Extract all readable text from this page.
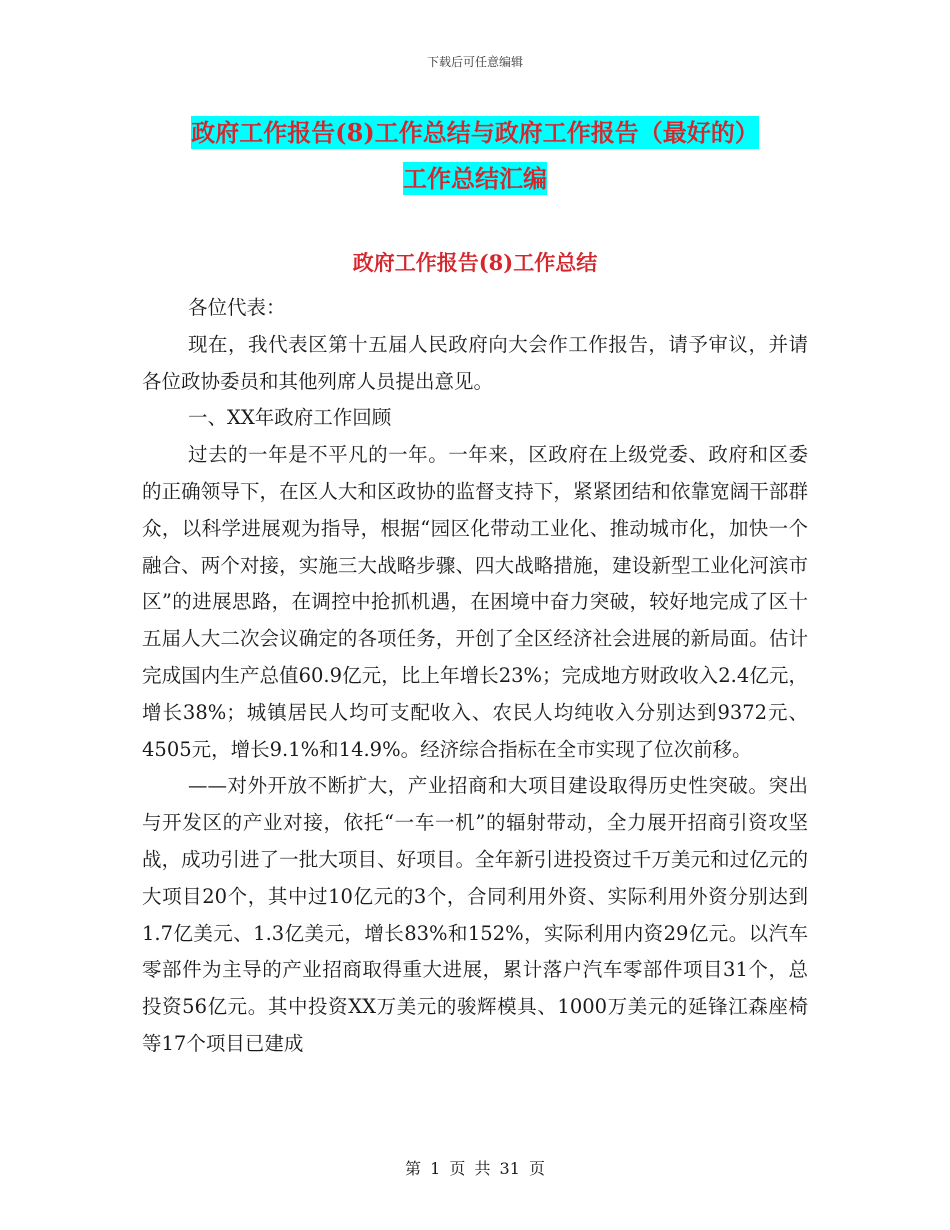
下载后可任意编辑
政府工作报告(8)工作总结与政府工作报告（最好的）
工作总结汇编
政府工作报告(8)工作总结

各位代表：

现在，我代表区第十五届人民政府向大会作工作报告，请予审议，并请各位政协委员和其他列席人员提出意见。

一、XX年政府工作回顾

过去的一年是不平凡的一年。一年来，区政府在上级党委、政府和区委的正确领导下，在区人大和区政协的监督支持下，紧紧团结和依靠宽阔干部群众，以科学进展观为指导，根据“园区化带动工业化、推动城市化，加快一个融合、两个对接，实施三大战略步骤、四大战略措施，建设新型工业化河滨市区”的进展思路，在调控中抢抓机遇，在困境中奋力突破，较好地完成了区十五届人大二次会议确定的各项任务，开创了全区经济社会进展的新局面。估计完成国内生产总值60.9亿元，比上年增长23%；完成地方财政收入2.4亿元，增长38%；城镇居民人均可支配收入、农民人均纯收入分别达到9372元、4505元，增长9.1%和14.9%。经济综合指标在全市实现了位次前移。

——对外开放不断扩大，产业招商和大项目建设取得历史性突破。突出与开发区的产业对接，依托“一车一机”的辐射带动，全力展开招商引资攻坚战，成功引进了一批大项目、好项目。全年新引进投资过千万美元和过亿元的大项目20个，其中过10亿元的3个，合同利用外资、实际利用外资分别达到1.7亿美元、1.3亿美元，增长83%和152%，实际利用内资29亿元。以汽车零部件为主导的产业招商取得重大进展，累计落户汽车零部件项目31个，总投资56亿元。其中投资XX万美元的骏辉模具、1000万美元的延锋江森座椅等17个项目已建成

第 1 页 共 31 页
